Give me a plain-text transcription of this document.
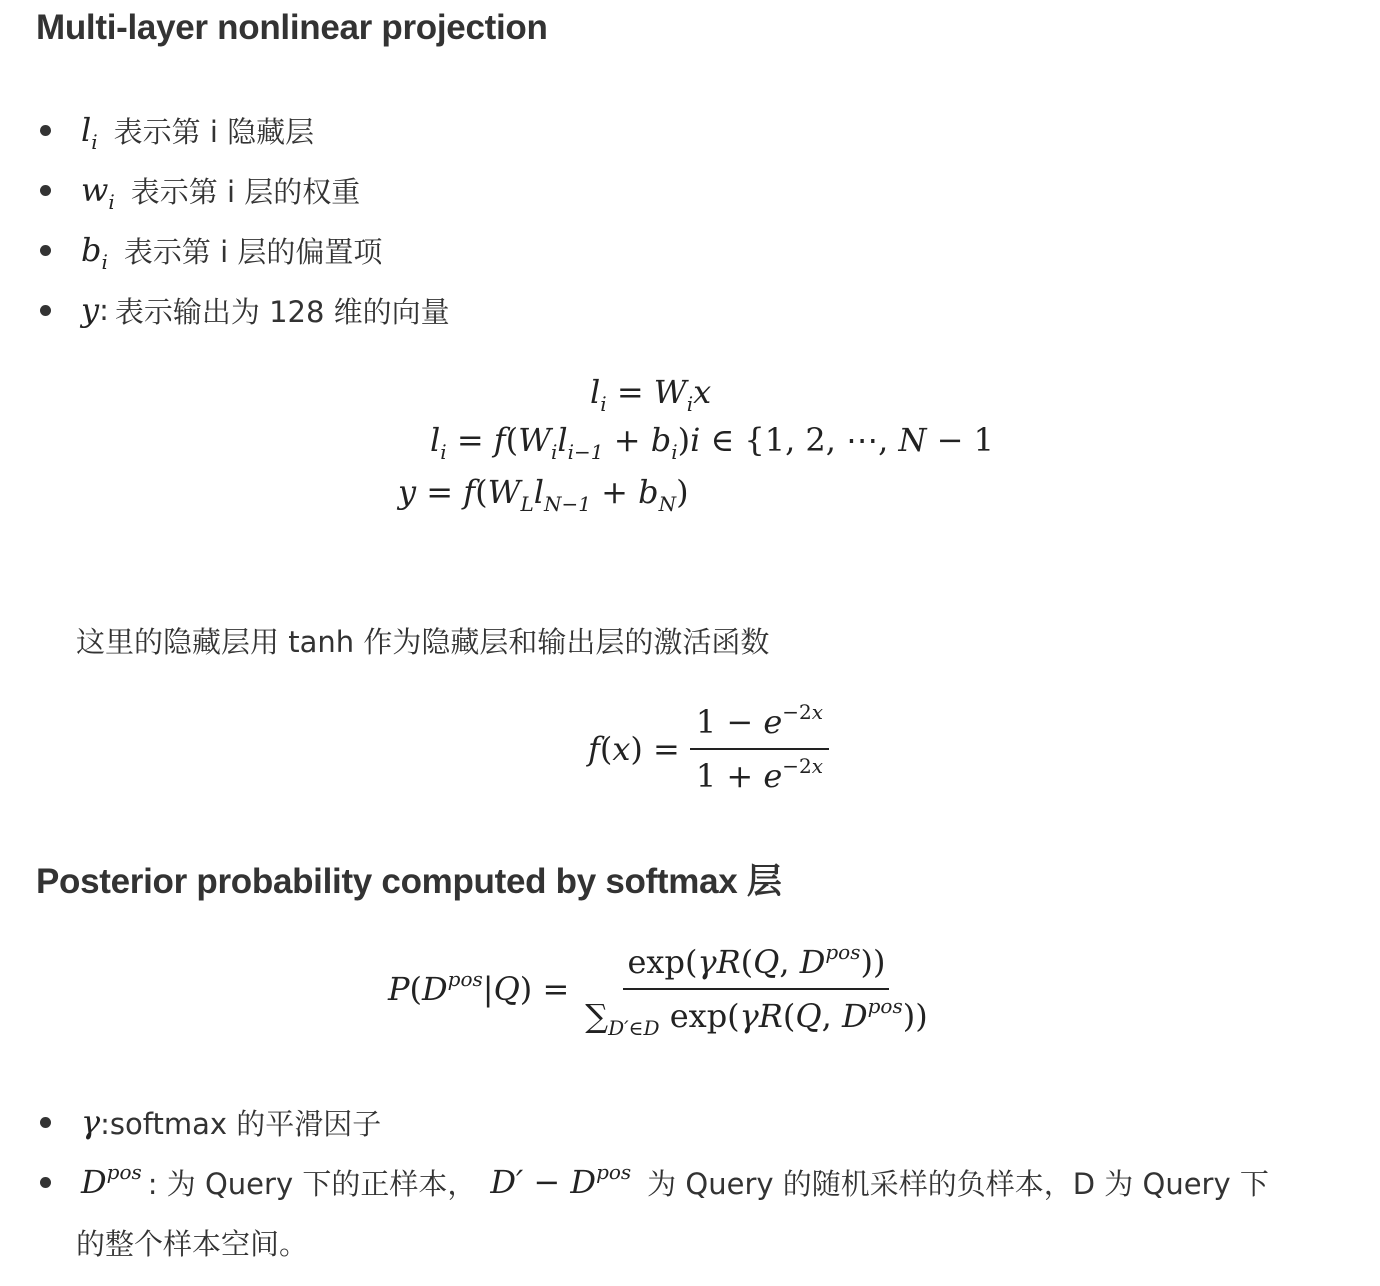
Multi-layer nonlinear projection
$l_i$ 表示第 i 隐藏层
$w_i$ 表示第 i 层的权重
$b_i$ 表示第 i 层的偏置项
y : 表示输出为 128 维的向量
$l_i = W_ix$
$l_i = f(W_il_{i-1} + b_i)i$ ∈ {1, 2, ⋯, N − 1
$y = f(W_Ll_{N-1} + b_N)$

这里的隐藏层用 tanh 作为隐藏层和输出层的激活函数

$f(x) = \frac{1 - e^{-2x}}{1 + e^{-2x}}$
Posterior probability computed by softmax 层
$P(D^{pos}|Q) = \frac{\exp(\gamma R(Q, D^{pos}))}{\sum_{D'\in D} \exp(\gamma R(Q, D^{pos}))}$
γ :softmax 的平滑因子
$D^{pos}$ : 为 Query 下的正样本， $D' - D^{pos}$ 为 Query 的随机采样的负样本，D 为 Query 下
的整个样本空间。
